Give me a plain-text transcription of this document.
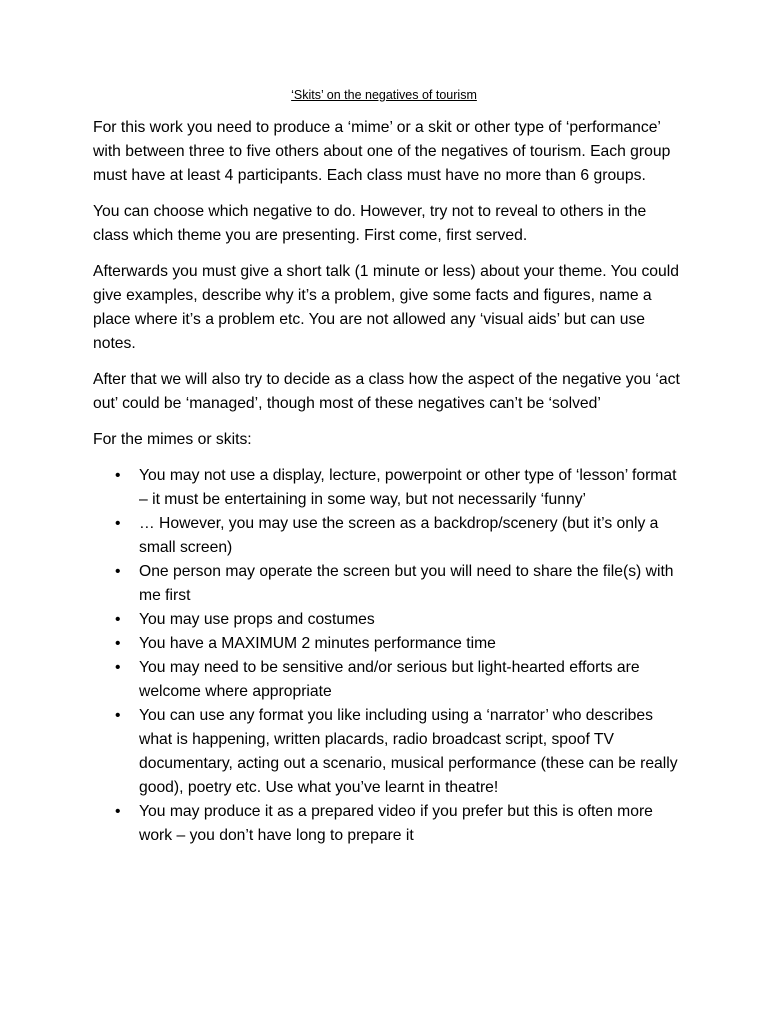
‘Skits’ on the negatives of tourism

For this work you need to produce a ‘mime’ or a skit or other type of ‘performance’ with between three to five others about one of the negatives of tourism. Each group must have at least 4 participants. Each class must have no more than 6 groups.

You can choose which negative to do. However, try not to reveal to others in the class which theme you are presenting. First come, first served.

Afterwards you must give a short talk (1 minute or less) about your theme. You could give examples, describe why it’s a problem, give some facts and figures, name a place where it’s a problem etc. You are not allowed any ‘visual aids’ but can use notes.

After that we will also try to decide as a class how the aspect of the negative you ‘act out’ could be ‘managed’, though most of these negatives can’t be ‘solved’

For the mimes or skits:

• You may not use a display, lecture, powerpoint or other type of ‘lesson’ format – it must be entertaining in some way, but not necessarily ‘funny’
• … However, you may use the screen as a backdrop/scenery (but it’s only a small screen)
• One person may operate the screen but you will need to share the file(s) with me first
• You may use props and costumes
• You have a MAXIMUM 2 minutes performance time
• You may need to be sensitive and/or serious but light-hearted efforts are welcome where appropriate
• You can use any format you like including using a ‘narrator’ who describes what is happening, written placards, radio broadcast script, spoof TV documentary, acting out a scenario, musical performance (these can be really good), poetry etc. Use what you’ve learnt in theatre!
• You may produce it as a prepared video if you prefer but this is often more work – you don’t have long to prepare it
